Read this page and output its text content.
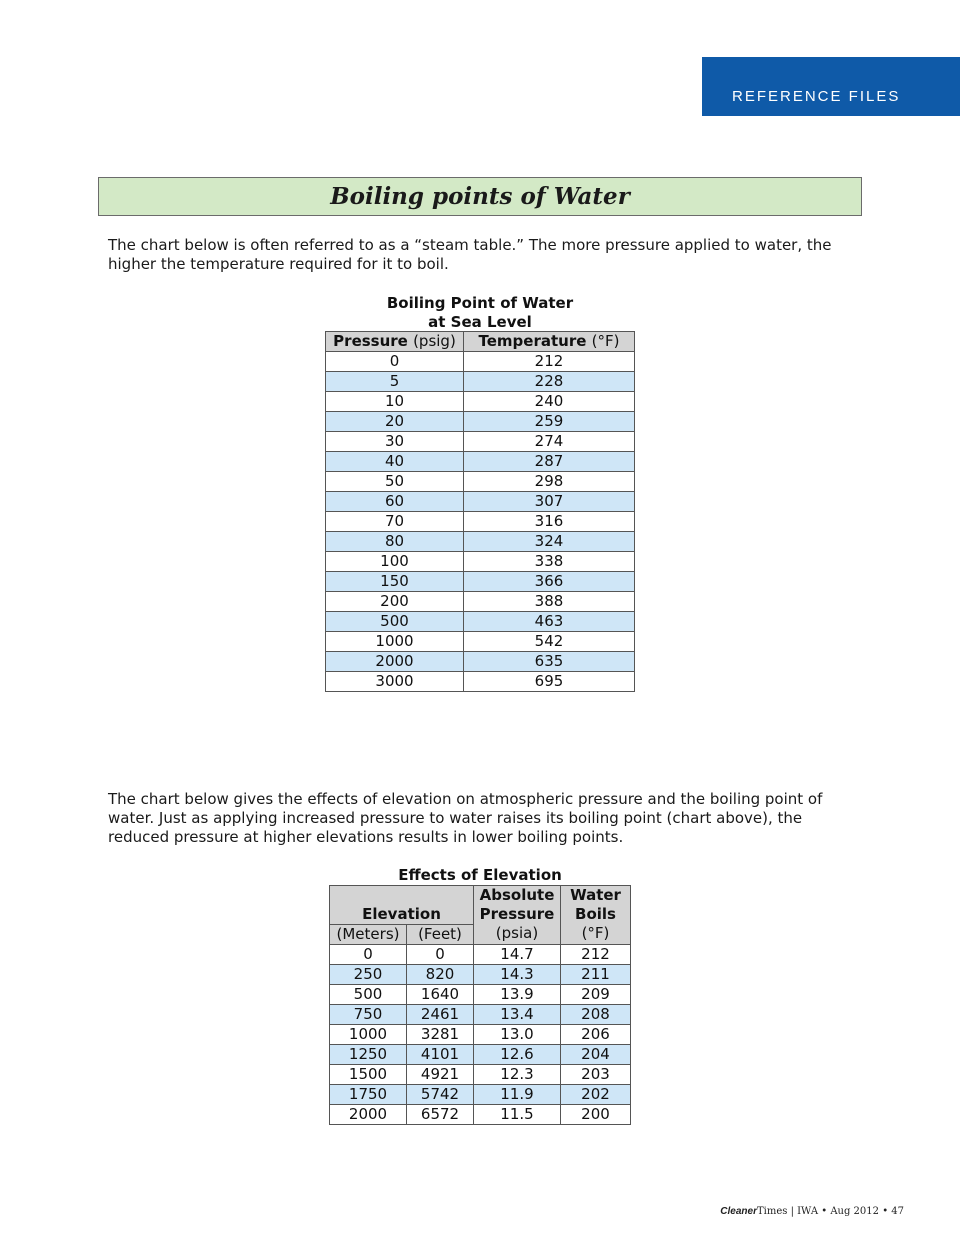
REFERENCE FILES
Boiling points of Water
The chart below is often referred to as a “steam table.” The more pressure applied to water, the higher the temperature required for it to boil.
Boiling Point of Water
at Sea Level
Pressure (psig)	Temperature (°F)
0	212
5	228
10	240
20	259
30	274
40	287
50	298
60	307
70	316
80	324
100	338
150	366
200	388
500	463
1000	542
2000	635
3000	695
The chart below gives the effects of elevation on atmospheric pressure and the boiling point of water. Just as applying increased pressure to water raises its boiling point (chart above), the reduced pressure at higher elevations results in lower boiling points.
Effects of Elevation
Elevation		Absolute	Water
		Pressure	Boils
(Meters)	(Feet)	(psia)	(°F)
0	0	14.7	212
250	820	14.3	211
500	1640	13.9	209
750	2461	13.4	208
1000	3281	13.0	206
1250	4101	12.6	204
1500	4921	12.3	203
1750	5742	11.9	202
2000	6572	11.5	200
CleanerTimes | IWA • Aug 2012 • 47
